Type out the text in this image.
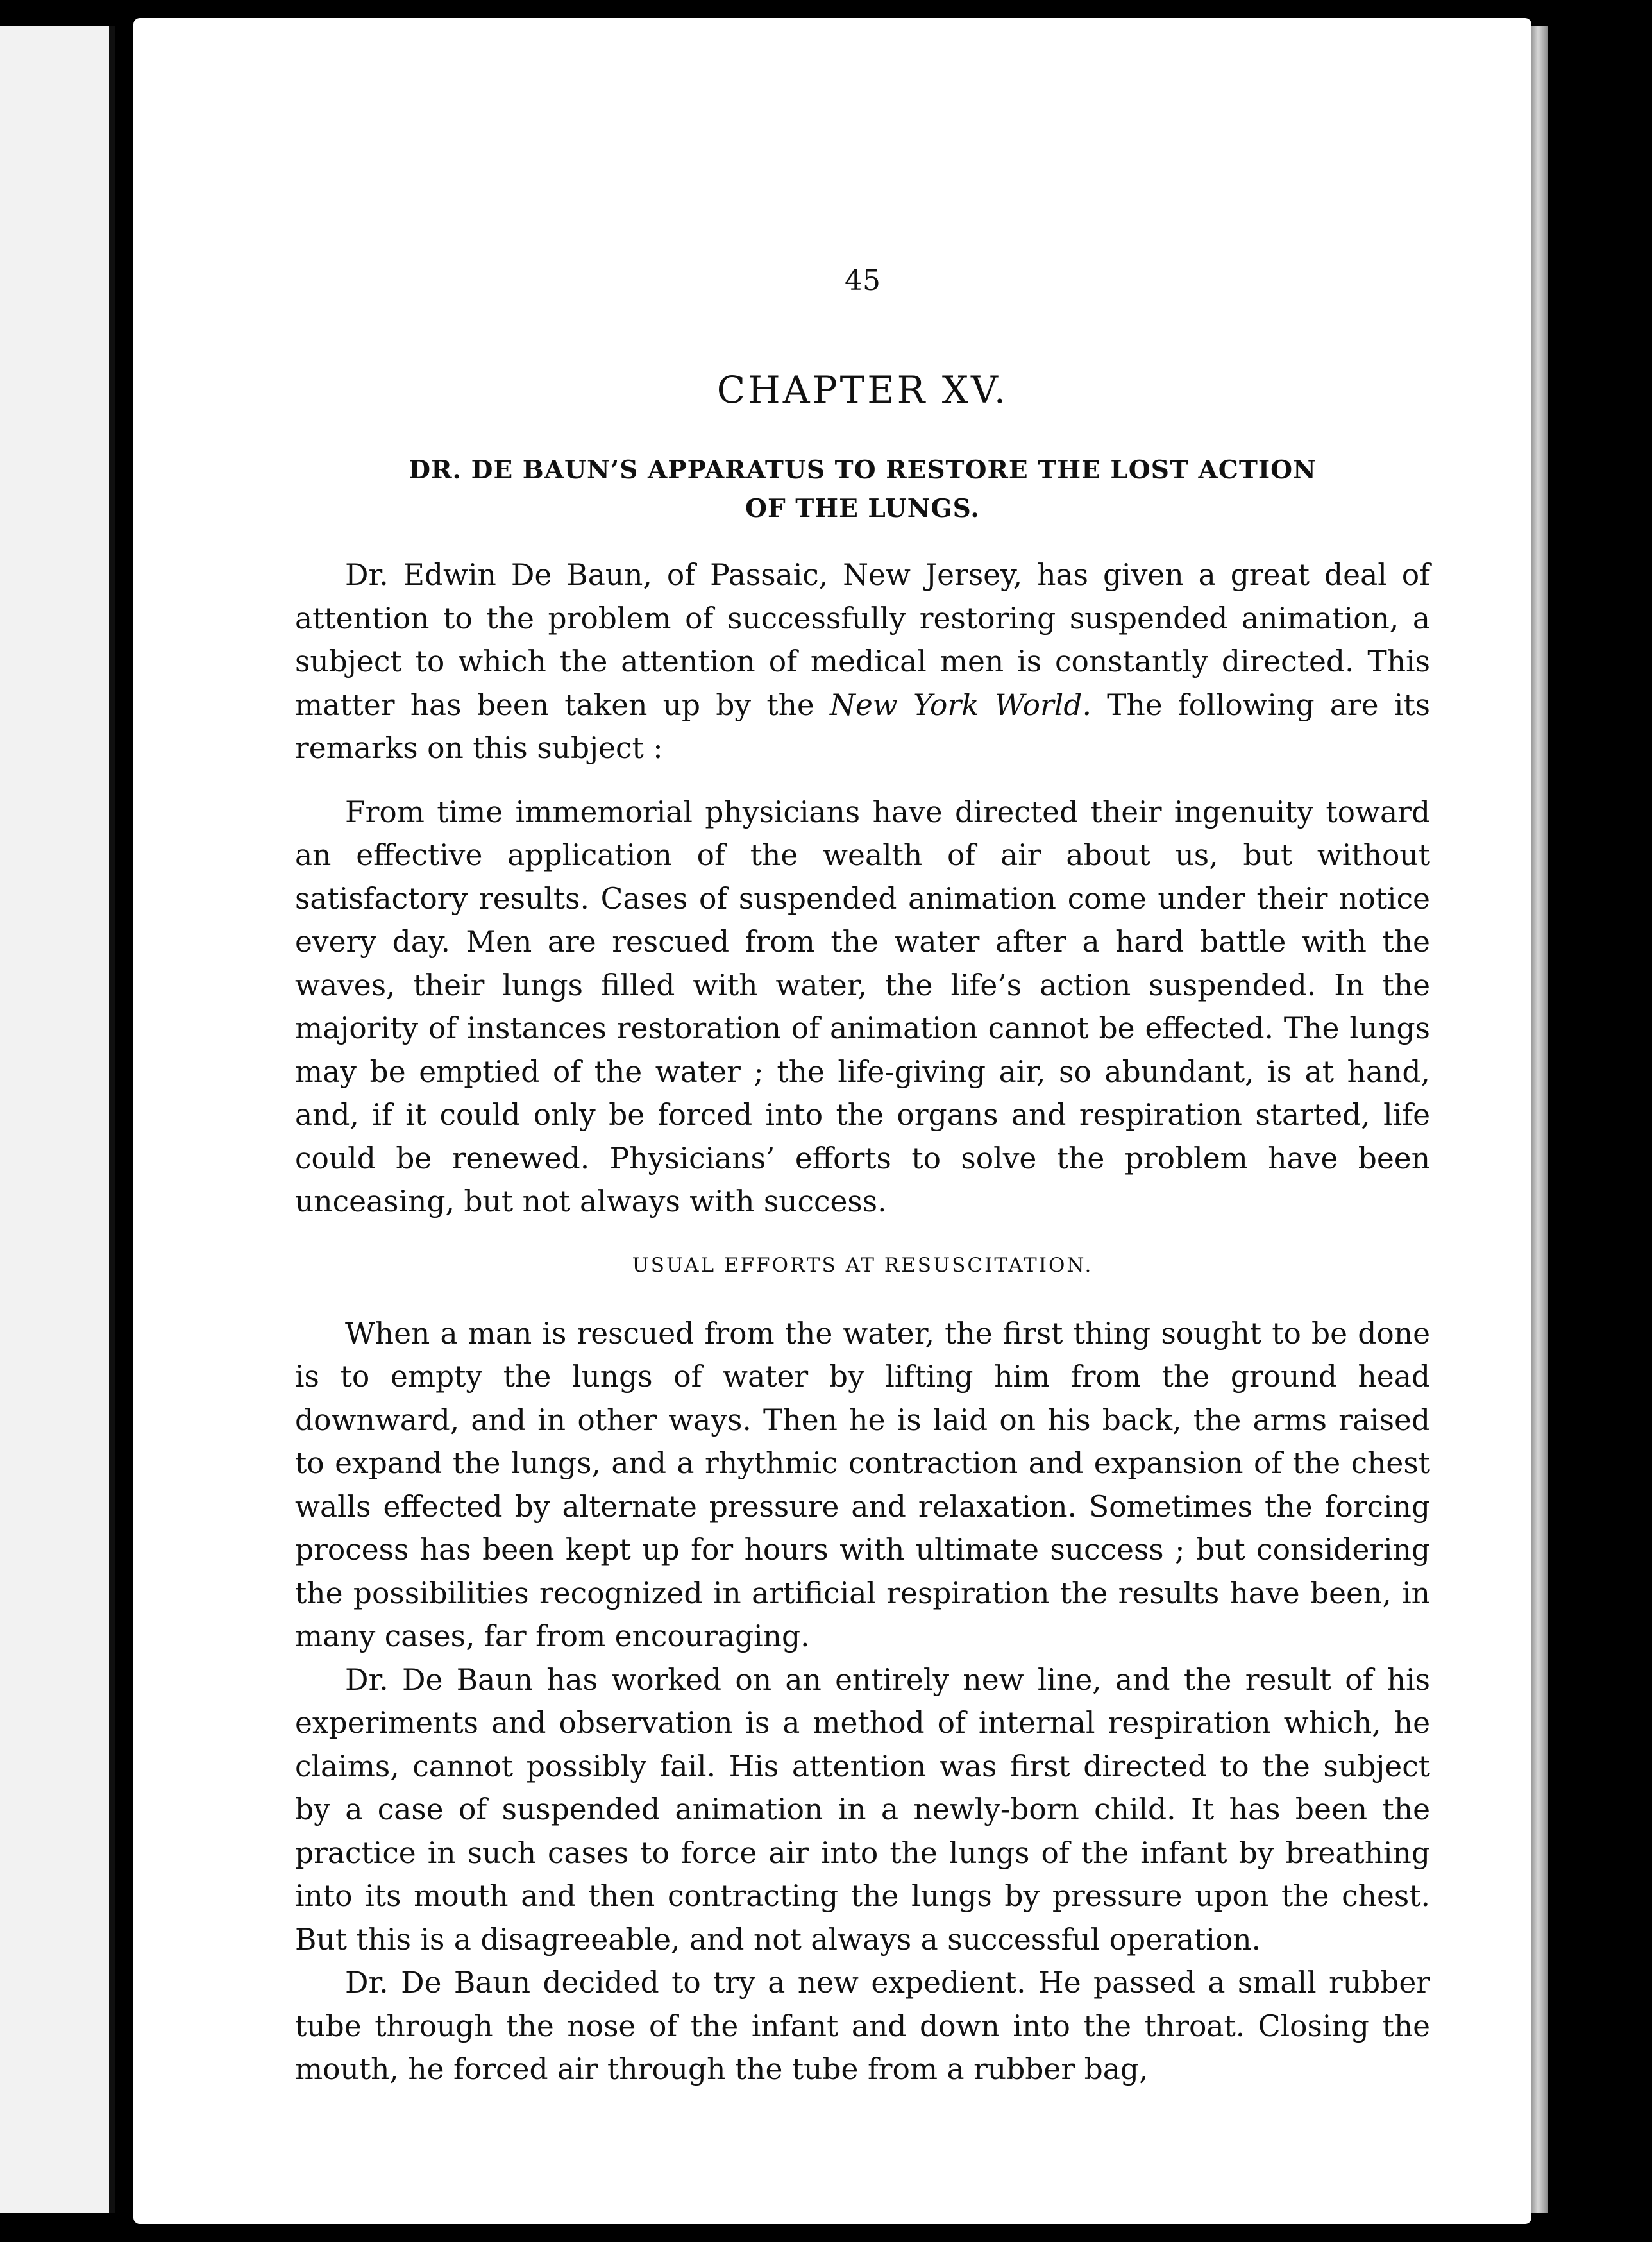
45

CHAPTER XV.
DR. DE BAUN’S APPARATUS TO RESTORE THE LOST ACTION
OF THE LUNGS.

Dr. Edwin De Baun, of Passaic, New Jersey, has given a great deal of attention to the problem of successfully restoring suspended animation, a subject to which the attention of medical men is constantly directed. This matter has been taken up by the New York World. The following are its remarks on this subject :

From time immemorial physicians have directed their ingenuity toward an effective application of the wealth of air about us, but without satisfactory results. Cases of suspended animation come under their notice every day. Men are rescued from the water after a hard battle with the waves, their lungs filled with water, the life’s action suspended. In the majority of instances restoration of animation cannot be effected. The lungs may be emptied of the water ; the life-giving air, so abundant, is at hand, and, if it could only be forced into the organs and respiration started, life could be renewed. Physicians’ efforts to solve the problem have been unceasing, but not always with success.

USUAL EFFORTS AT RESUSCITATION.

When a man is rescued from the water, the first thing sought to be done is to empty the lungs of water by lifting him from the ground head downward, and in other ways. Then he is laid on his back, the arms raised to expand the lungs, and a rhythmic contraction and expansion of the chest walls effected by alternate pressure and relaxation. Sometimes the forcing process has been kept up for hours with ultimate success ; but considering the possibilities recognized in artificial respiration the results have been, in many cases, far from encouraging.

Dr. De Baun has worked on an entirely new line, and the result of his experiments and observation is a method of internal respiration which, he claims, cannot possibly fail. His attention was first directed to the subject by a case of suspended animation in a newly-born child. It has been the practice in such cases to force air into the lungs of the infant by breathing into its mouth and then contracting the lungs by pressure upon the chest. But this is a disagreeable, and not always a successful operation.

Dr. De Baun decided to try a new expedient. He passed a small rubber tube through the nose of the infant and down into the throat. Closing the mouth, he forced air through the tube from a rubber bag,
